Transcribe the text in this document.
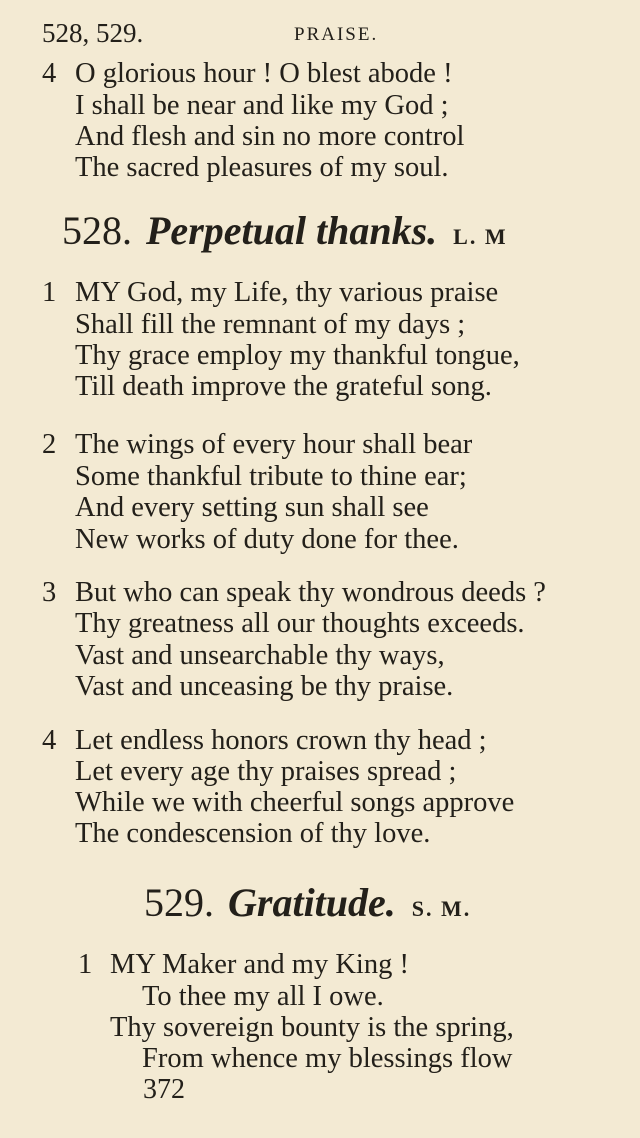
528, 529.	PRAISE.
4 O glorious hour ! O blest abode !
I shall be near and like my God ;
And flesh and sin no more control
The sacred pleasures of my soul.
528. Perpetual thanks. L. M
1 MY God, my Life, thy various praise
Shall fill the remnant of my days ;
Thy grace employ my thankful tongue,
Till death improve the grateful song.
2 The wings of every hour shall bear
Some thankful tribute to thine ear;
And every setting sun shall see
New works of duty done for thee.
3 But who can speak thy wondrous deeds ?
Thy greatness all our thoughts exceeds.
Vast and unsearchable thy ways,
Vast and unceasing be thy praise.
4 Let endless honors crown thy head ;
Let every age thy praises spread ;
While we with cheerful songs approve
The condescension of thy love.
529. Gratitude. S. M.
1 MY Maker and my King !
To thee my all I owe.
Thy sovereign bounty is the spring,
From whence my blessings flow
372
